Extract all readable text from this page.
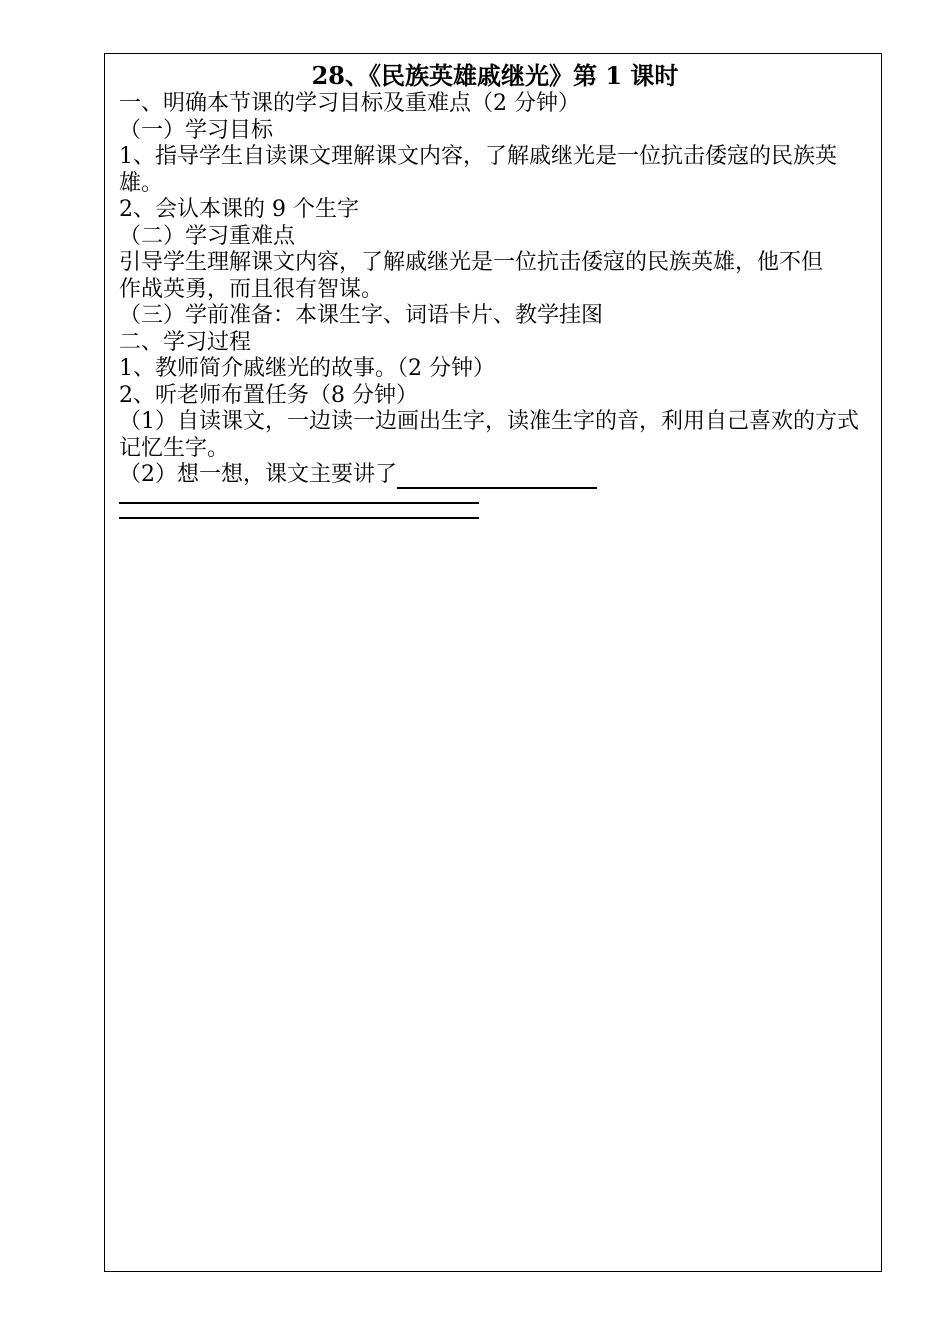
28、《民族英雄戚继光》第 1 课时

一、明确本节课的学习目标及重难点（2 分钟）

（一）学习目标

1、指导学生自读课文理解课文内容，了解戚继光是一位抗击倭寇的民族英雄。

2、会认本课的 9 个生字

（二）学习重难点

引导学生理解课文内容，了解戚继光是一位抗击倭寇的民族英雄，他不但

作战英勇，而且很有智谋。

（三）学前准备：本课生字、词语卡片、教学挂图

二、学习过程

1、教师简介戚继光的故事。（2 分钟）

2、听老师布置任务（8 分钟）

（1）自读课文，一边读一边画出生字，读准生字的音，利用自己喜欢的方式记忆生字。

（2）想一想，课文主要讲了
